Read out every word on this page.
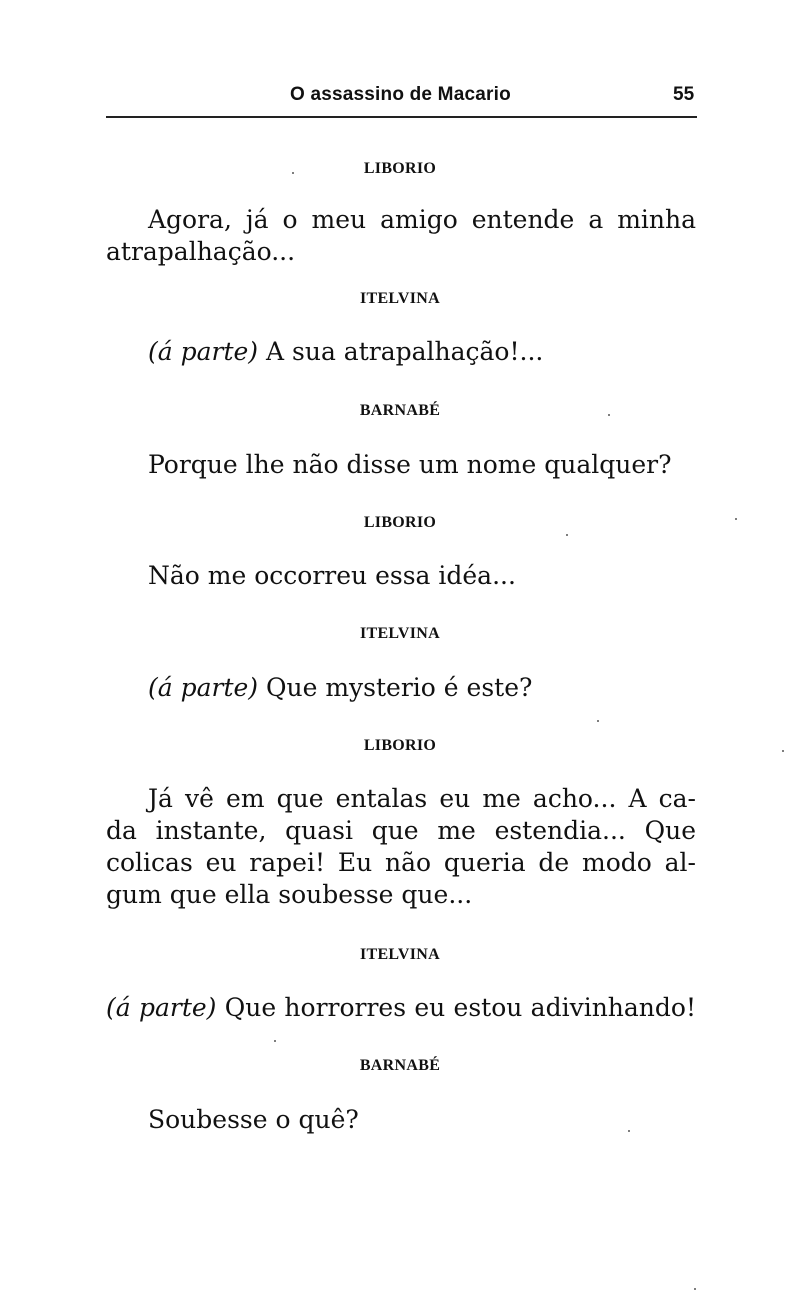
O assassino de Macario	55
LIBORIO
Agora, já o meu amigo entende a minha
atrapalhação...
ITELVINA
(á parte) A sua atrapalhação!...
BARNABÉ
Porque lhe não disse um nome qualquer?
LIBORIO
Não me occorreu essa idéa...
ITELVINA
(á parte) Que mysterio é este?
LIBORIO
Já vê em que entalas eu me acho... A ca-
da instante, quasi que me estendia... Que
colicas eu rapei! Eu não queria de modo al-
gum que ella soubesse que...
ITELVINA
(á parte) Que horrorres eu estou adivinhando!
BARNABÉ
Soubesse o quê?
